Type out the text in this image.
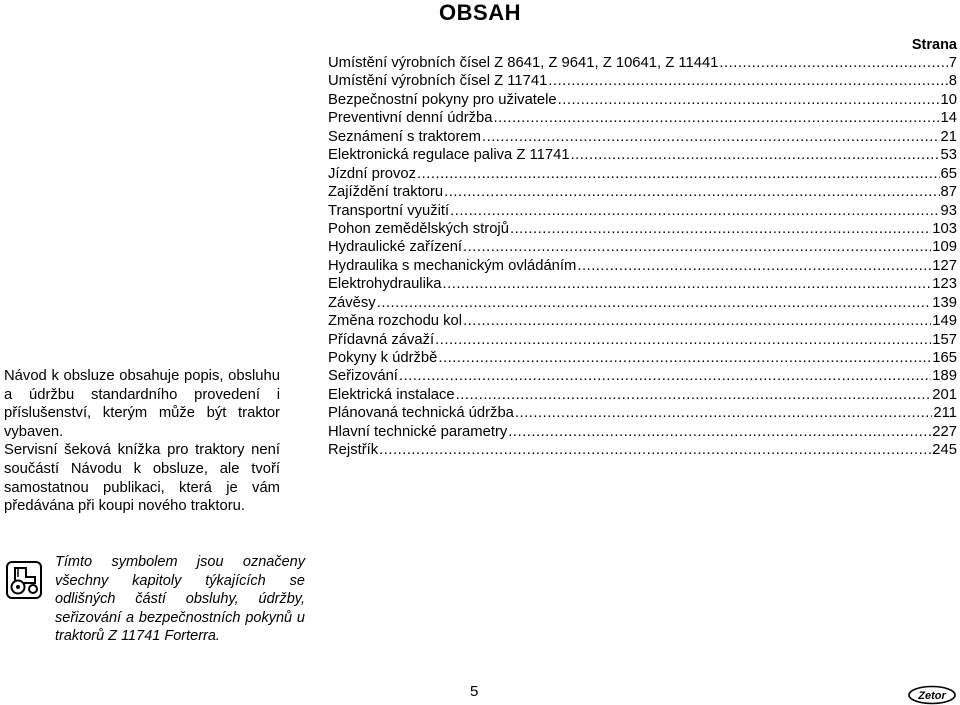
OBSAH
Strana
Umístění výrobních čísel Z 8641, Z 9641, Z 10641, Z 11441 .....	7
Umístění výrobních čísel Z 11741 .....	8
Bezpečnostní pokyny pro uživatele .....	10
Preventivní denní údržba .....	14
Seznámení s traktorem .....	21
Elektronická regulace paliva Z 11741 .....	53
Jízdní provoz .....	65
Zajíždění traktoru .....	87
Transportní využití .....	93
Pohon zemědělských strojů .....	103
Hydraulické zařízení .....	109
Hydraulika s mechanickým ovládáním .....	127
Elektrohydraulika .....	123
Závěsy .....	139
Změna rozchodu kol .....	149
Přídavná závaží .....	157
Pokyny k údržbě .....	165
Seřizování .....	189
Elektrická instalace .....	201
Plánovaná technická údržba .....	211
Hlavní technické parametry .....	227
Rejstřík .....	245

Návod k obsluze obsahuje popis, obsluhu a údržbu standardního provedení i příslušenství, kterým může být traktor vybaven.

Servisní šeková knížka pro traktory není součástí Návodu k obsluze, ale tvoří samostatnou publikaci, která je vám předávána při koupi nového traktoru.

Tímto symbolem jsou označeny všechny kapitoly týkajících se odlišných částí obsluhy, údržby, seřizování a bezpečnostních pokynů u traktorů Z 11741 Forterra.
5	Zetor
